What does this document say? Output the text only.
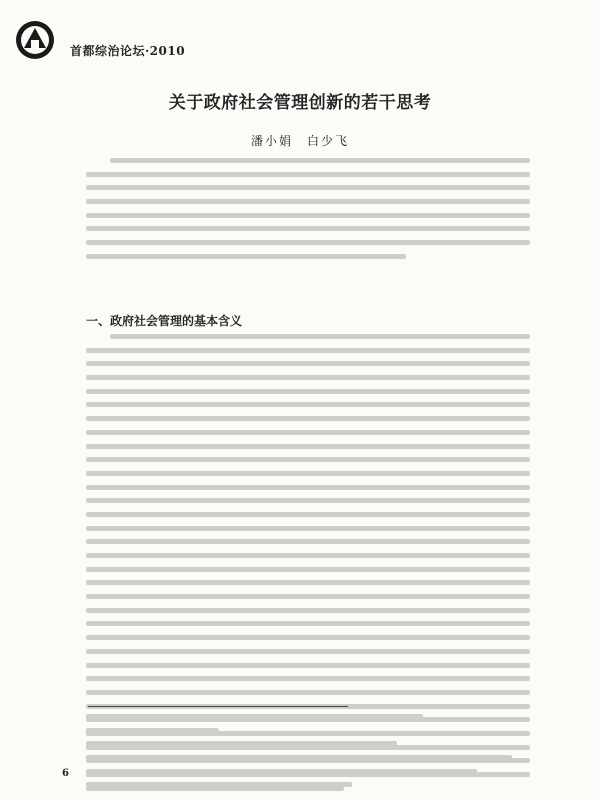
首都综治论坛·2010
关于政府社会管理创新的若干思考
潘小娟　白少飞
一、政府社会管理的基本含义
6
